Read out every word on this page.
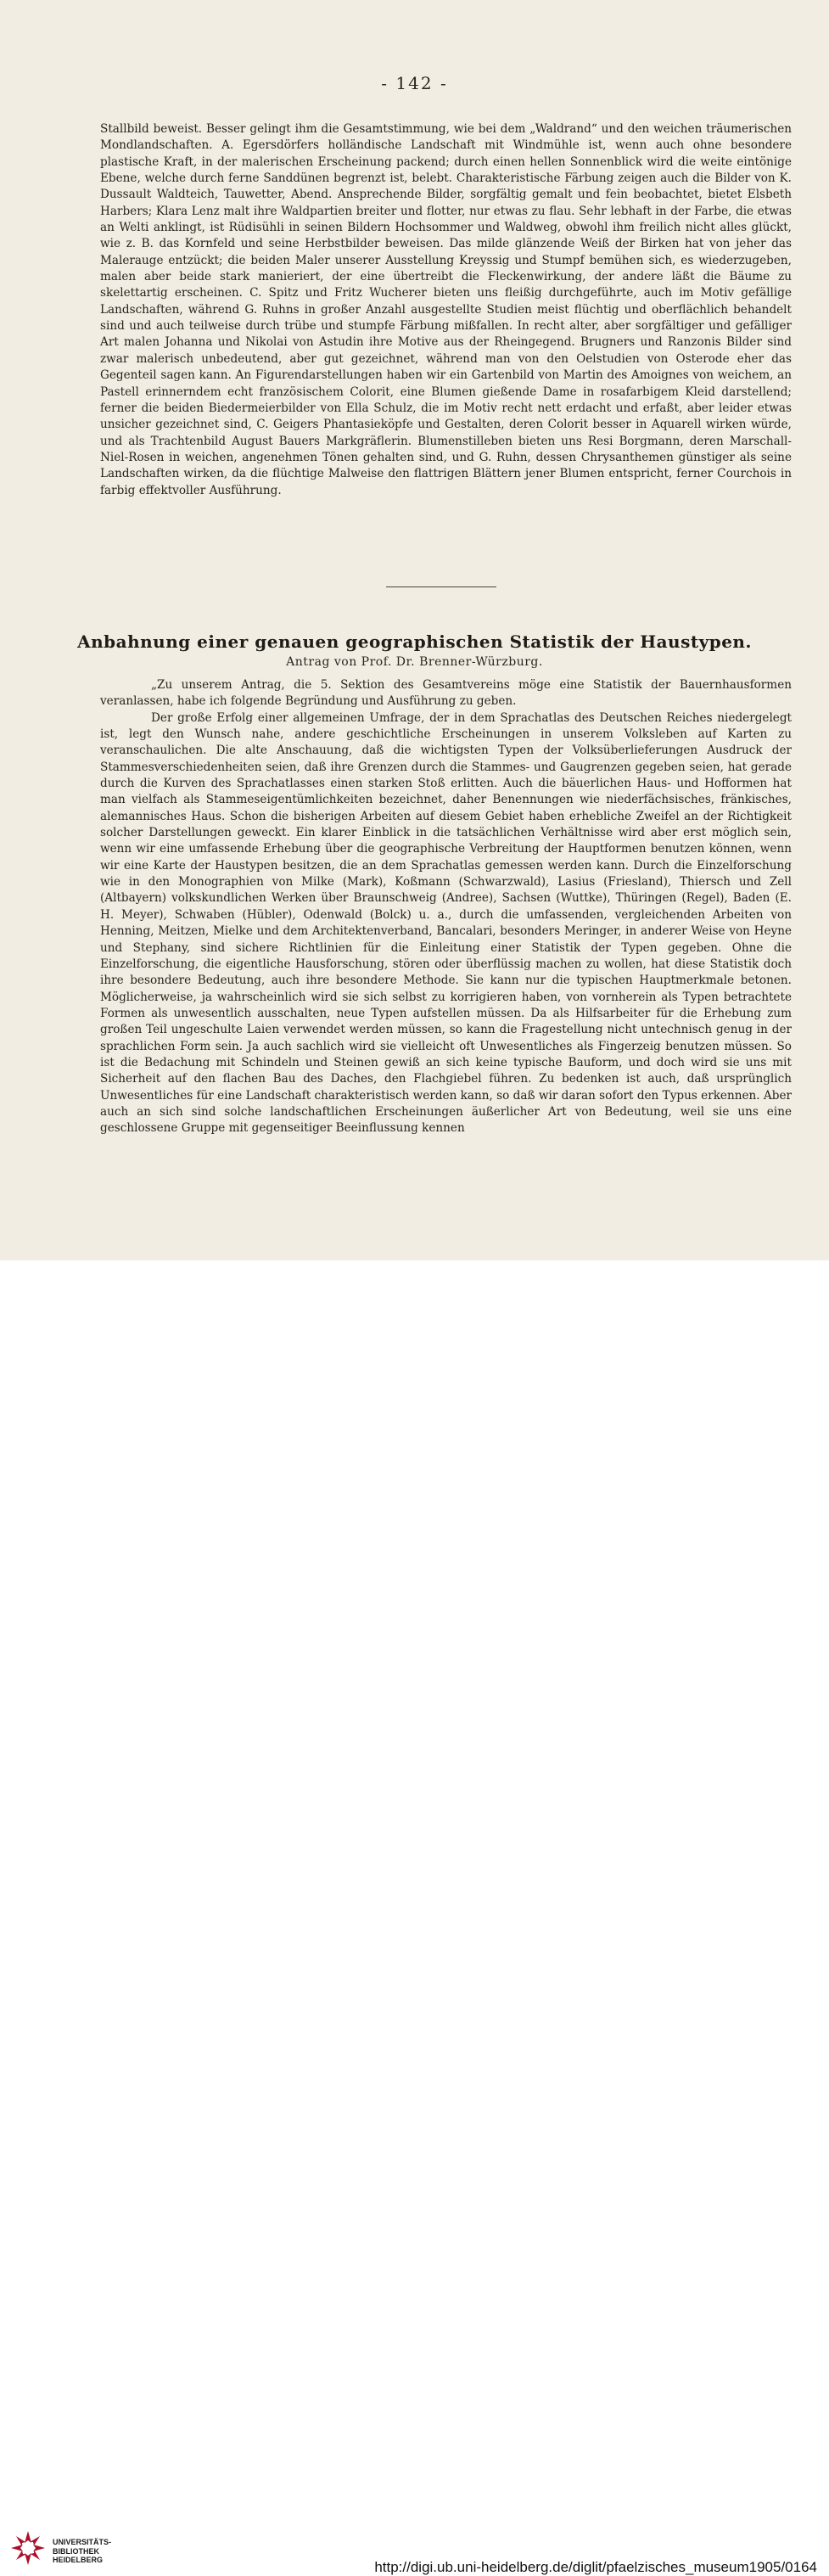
- 142 -
Stallbild beweist. Besser gelingt ihm die Gesamtstimmung, wie bei dem „Waldrand“ und den weichen träumerischen Mondlandschaften. A. Egersdörfers holländische Landschaft mit Windmühle ist, wenn auch ohne besondere plastische Kraft, in der malerischen Erscheinung packend; durch einen hellen Sonnenblick wird die weite eintönige Ebene, welche durch ferne Sanddünen begrenzt ist, belebt. Charakteristische Färbung zeigen auch die Bilder von K. Dussault Waldteich, Tauwetter, Abend. Ansprechende Bilder, sorgfältig gemalt und fein beobachtet, bietet Elsbeth Harbers; Klara Lenz malt ihre Waldpartien breiter und flotter, nur etwas zu flau. Sehr lebhaft in der Farbe, die etwas an Welti anklingt, ist Rüdisühli in seinen Bildern Hochsommer und Waldweg, obwohl ihm freilich nicht alles glückt, wie z. B. das Kornfeld und seine Herbstbilder beweisen. Das milde glänzende Weiß der Birken hat von jeher das Malerauge entzückt; die beiden Maler unserer Ausstellung Kreyssig und Stumpf bemühen sich, es wiederzugeben, malen aber beide stark manieriert, der eine übertreibt die Fleckenwirkung, der andere läßt die Bäume zu skelettartig erscheinen. C. Spitz und Fritz Wucherer bieten uns fleißig durchgeführte, auch im Motiv gefällige Landschaften, während G. Ruhns in großer Anzahl ausgestellte Studien meist flüchtig und oberflächlich behandelt sind und auch teilweise durch trübe und stumpfe Färbung mißfallen. In recht alter, aber sorgfältiger und gefälliger Art malen Johanna und Nikolai von Astudin ihre Motive aus der Rheingegend. Brugners und Ranzonis Bilder sind zwar malerisch unbedeutend, aber gut gezeichnet, während man von den Oelstudien von Osterode eher das Gegenteil sagen kann. An Figurendarstellungen haben wir ein Gartenbild von Martin des Amoignes von weichem, an Pastell erinnerndem echt französischem Colorit, eine Blumen gießende Dame in rosafarbigem Kleid darstellend; ferner die beiden Biedermeierbilder von Ella Schulz, die im Motiv recht nett erdacht und erfaßt, aber leider etwas unsicher gezeichnet sind, C. Geigers Phantasieköpfe und Gestalten, deren Colorit besser in Aquarell wirken würde, und als Trachtenbild August Bauers Markgräflerin. Blumenstilleben bieten uns Resi Borgmann, deren Marschall-Niel-Rosen in weichen, angenehmen Tönen gehalten sind, und G. Ruhn, dessen Chrysanthemen günstiger als seine Landschaften wirken, da die flüchtige Malweise den flattrigen Blättern jener Blumen entspricht, ferner Courchois in farbig effektvoller Ausführung.
Anbahnung einer genauen geographischen Statistik der Haustypen.
Antrag von Prof. Dr. Brenner-Würzburg.

„Zu unserem Antrag, die 5. Sektion des Gesamtvereins möge eine Statistik der Bauernhausformen veranlassen, habe ich folgende Begründung und Ausführung zu geben.

Der große Erfolg einer allgemeinen Umfrage, der in dem Sprachatlas des Deutschen Reiches niedergelegt ist, legt den Wunsch nahe, andere geschichtliche Erscheinungen in unserem Volksleben auf Karten zu veranschaulichen. Die alte Anschauung, daß die wichtigsten Typen der Volksüberlieferungen Ausdruck der Stammesverschiedenheiten seien, daß ihre Grenzen durch die Stammes- und Gaugrenzen gegeben seien, hat gerade durch die Kurven des Sprachatlasses einen starken Stoß erlitten. Auch die bäuerlichen Haus- und Hofformen hat man vielfach als Stammeseigentümlichkeiten bezeichnet, daher Benennungen wie niederfächsisches, fränkisches, alemannisches Haus. Schon die bisherigen Arbeiten auf diesem Gebiet haben erhebliche Zweifel an der Richtigkeit solcher Darstellungen geweckt. Ein klarer Einblick in die tatsächlichen Verhältnisse wird aber erst möglich sein, wenn wir eine umfassende Erhebung über die geographische Verbreitung der Hauptformen benutzen können, wenn wir eine Karte der Haustypen besitzen, die an dem Sprachatlas gemessen werden kann. Durch die Einzelforschung wie in den Monographien von Milke (Mark), Koßmann (Schwarzwald), Lasius (Friesland), Thiersch und Zell (Altbayern) volkskundlichen Werken über Braunschweig (Andree), Sachsen (Wuttke), Thüringen (Regel), Baden (E. H. Meyer), Schwaben (Hübler), Odenwald (Bolck) u. a., durch die umfassenden, vergleichenden Arbeiten von Henning, Meitzen, Mielke und dem Architektenverband, Bancalari, besonders Meringer, in anderer Weise von Heyne und Stephany, sind sichere Richtlinien für die Einleitung einer Statistik der Typen gegeben. Ohne die Einzelforschung, die eigentliche Hausforschung, stören oder überflüssig machen zu wollen, hat diese Statistik doch ihre besondere Bedeutung, auch ihre besondere Methode. Sie kann nur die typischen Hauptmerkmale betonen. Möglicherweise, ja wahrscheinlich wird sie sich selbst zu korrigieren haben, von vornherein als Typen betrachtete Formen als unwesentlich ausschalten, neue Typen aufstellen müssen. Da als Hilfsarbeiter für die Erhebung zum großen Teil ungeschulte Laien verwendet werden müssen, so kann die Fragestellung nicht untechnisch genug in der sprachlichen Form sein. Ja auch sachlich wird sie vielleicht oft Unwesentliches als Fingerzeig benutzen müssen. So ist die Bedachung mit Schindeln und Steinen gewiß an sich keine typische Bauform, und doch wird sie uns mit Sicherheit auf den flachen Bau des Daches, den Flachgiebel führen. Zu bedenken ist auch, daß ursprünglich Unwesentliches für eine Landschaft charakteristisch werden kann, so daß wir daran sofort den Typus erkennen. Aber auch an sich sind solche landschaftlichen Erscheinungen äußerlicher Art von Bedeutung, weil sie uns eine geschlossene Gruppe mit gegenseitiger Beeinflussung kennen

UNIVERSITÄTS-
BIBLIOTHEK
HEIDELBERG	http://digi.ub.uni-heidelberg.de/diglit/pfaelzisches_museum1905/0164
